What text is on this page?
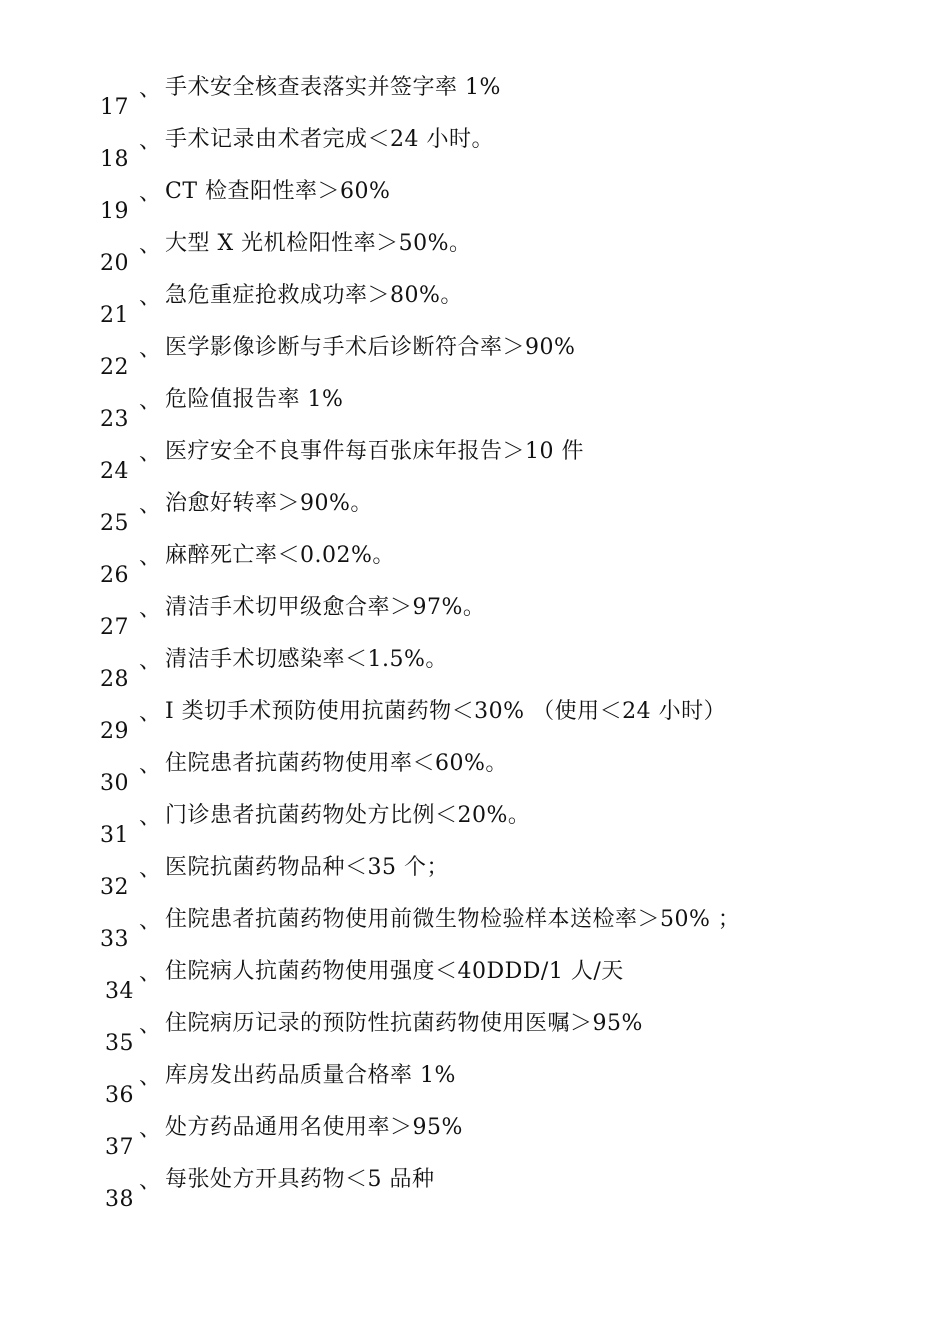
17
、 手术安全核查表落实并签字率 1%
18
、 手术记录由术者完成＜24 小时。
19
、 CT 检查阳性率＞60%
20
、 大型 X 光机检阳性率＞50%。
21
、 急危重症抢救成功率＞80%。
22
、 医学影像诊断与手术后诊断符合率＞90%
23
、 危险值报告率 1%
24
、 医疗安全不良事件每百张床年报告＞10 件
25
、 治愈好转率＞90%。
26
、 麻醉死亡率＜0.02%。
27
、 清洁手术切甲级愈合率＞97%。
28
、 清洁手术切感染率＜1.5%。
29
、 I 类切手术预防使用抗菌药物＜30% （使用＜24 小时）
30
、 住院患者抗菌药物使用率＜60%。
31
、 门诊患者抗菌药物处方比例＜20%。
32
、 医院抗菌药物品种＜35 个；
33
、 住院患者抗菌药物使用前微生物检验样本送检率＞50% ；
34
、 住院病人抗菌药物使用强度＜40DDD/1 人/天
35
、 住院病历记录的预防性抗菌药物使用医嘱＞95%
36
、 库房发出药品质量合格率 1%
37
、 处方药品通用名使用率＞95%
38
、 每张处方开具药物＜5 品种
